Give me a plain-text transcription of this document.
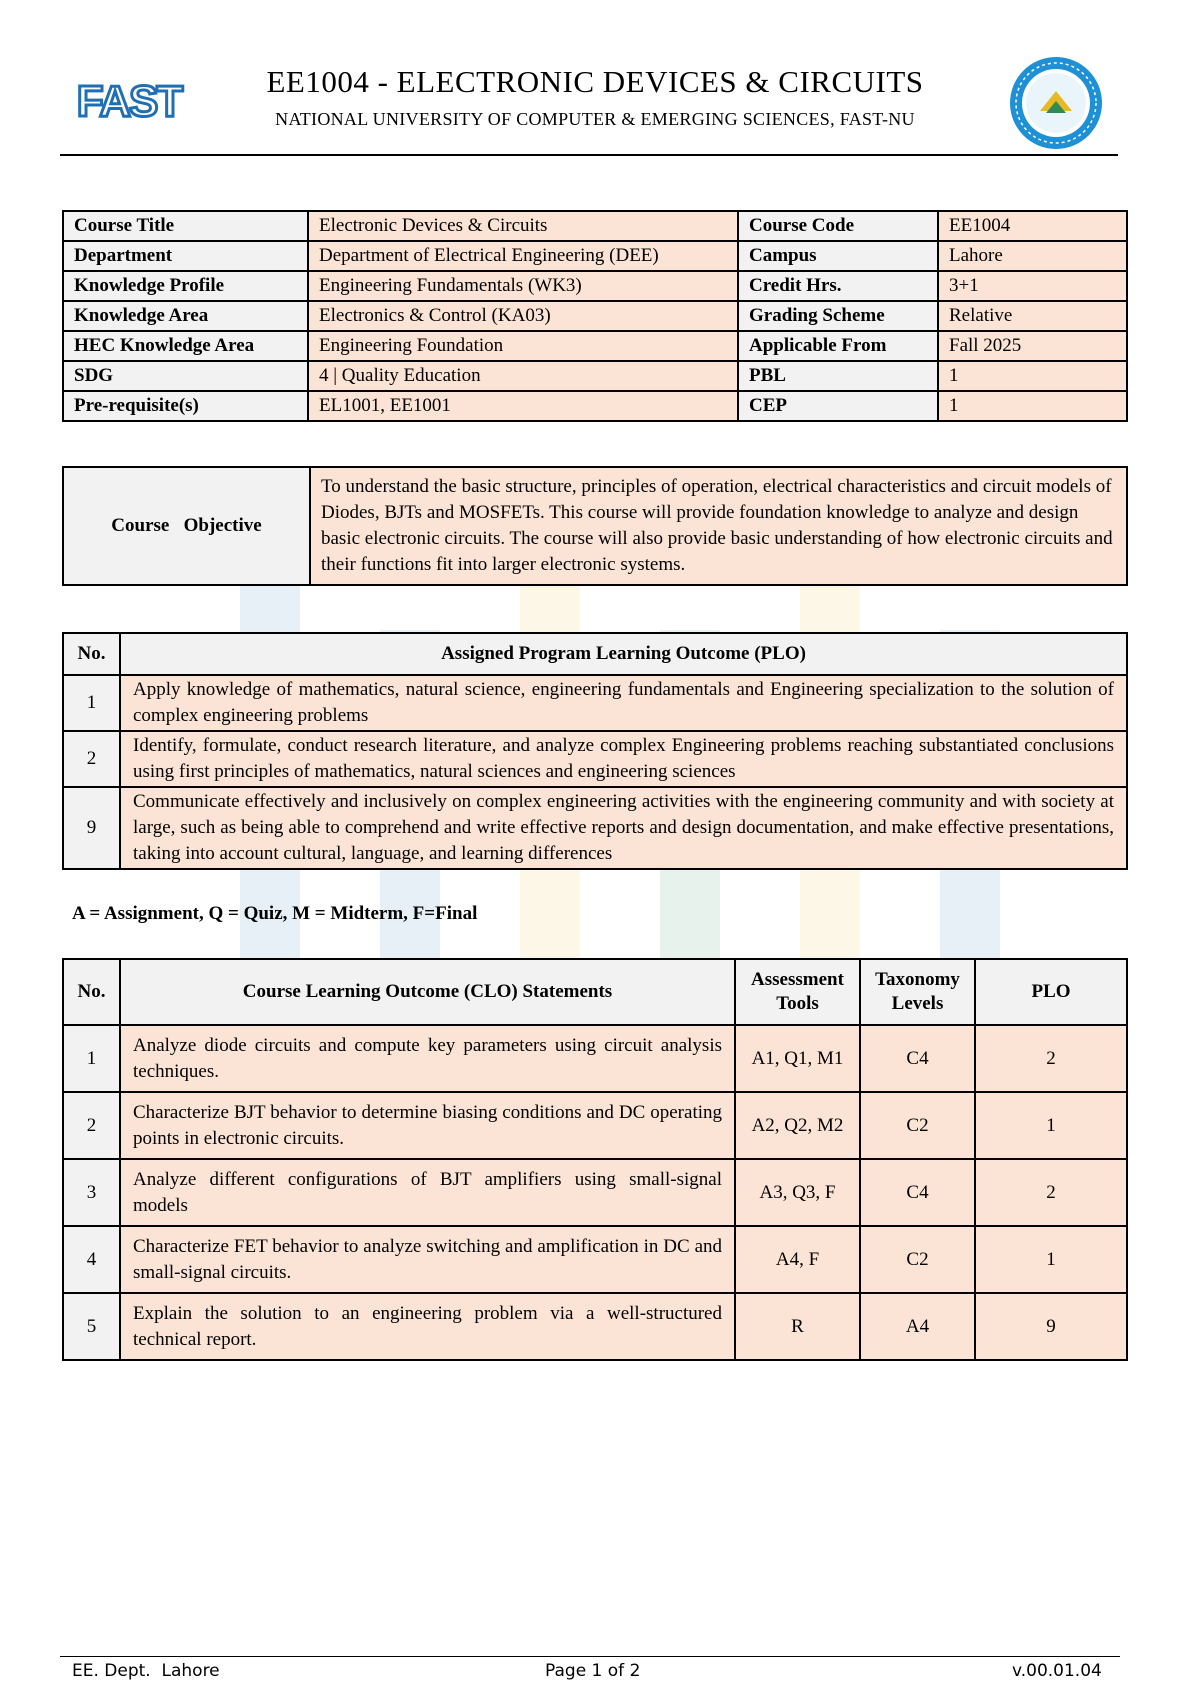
FAST	EE1004 - ELECTRONIC DEVICES & CIRCUITS
NATIONAL UNIVERSITY OF COMPUTER & EMERGING SCIENCES, FAST-NU
Course Title	Electronic Devices & Circuits	Course Code	EE1004
Department	Department of Electrical Engineering (DEE)	Campus	Lahore
Knowledge Profile	Engineering Fundamentals (WK3)	Credit Hrs.	3+1
Knowledge Area	Electronics & Control (KA03)	Grading Scheme	Relative
HEC Knowledge Area	Engineering Foundation	Applicable From	Fall 2025
SDG	4 | Quality Education	PBL	1
Pre-requisite(s)	EL1001, EE1001	CEP	1
Course   Objective	To understand the basic structure, principles of operation, electrical characteristics and circuit models of Diodes, BJTs and MOSFETs. This course will provide foundation knowledge to analyze and design basic electronic circuits. The course will also provide basic understanding of how electronic circuits and their functions fit into larger electronic systems.
No.	Assigned Program Learning Outcome (PLO)
1	Apply knowledge of mathematics, natural science, engineering fundamentals and Engineering specialization to the solution of complex engineering problems
2	Identify, formulate, conduct research literature, and analyze complex Engineering problems reaching substantiated conclusions using first principles of mathematics, natural sciences and engineering sciences
9	Communicate effectively and inclusively on complex engineering activities with the engineering community and with society at large, such as being able to comprehend and write effective reports and design documentation, and make effective presentations, taking into account cultural, language, and learning differences
A = Assignment, Q = Quiz, M = Midterm, F=Final
No.	Course Learning Outcome (CLO) Statements	Assessment Tools	Taxonomy Levels	PLO
1	Analyze diode circuits and compute key parameters using circuit analysis techniques.	A1, Q1, M1	C4	2
2	Characterize BJT behavior to determine biasing conditions and DC operating points in electronic circuits.	A2, Q2, M2	C2	1
3	Analyze different configurations of BJT amplifiers using small-signal models	A3, Q3, F	C4	2
4	Characterize FET behavior to analyze switching and amplification in DC and small-signal circuits.	A4, F	C2	1
5	Explain the solution to an engineering problem via a well-structured technical report.	R	A4	9
EE. Dept.  Lahore	Page 1 of 2	v.00.01.04
